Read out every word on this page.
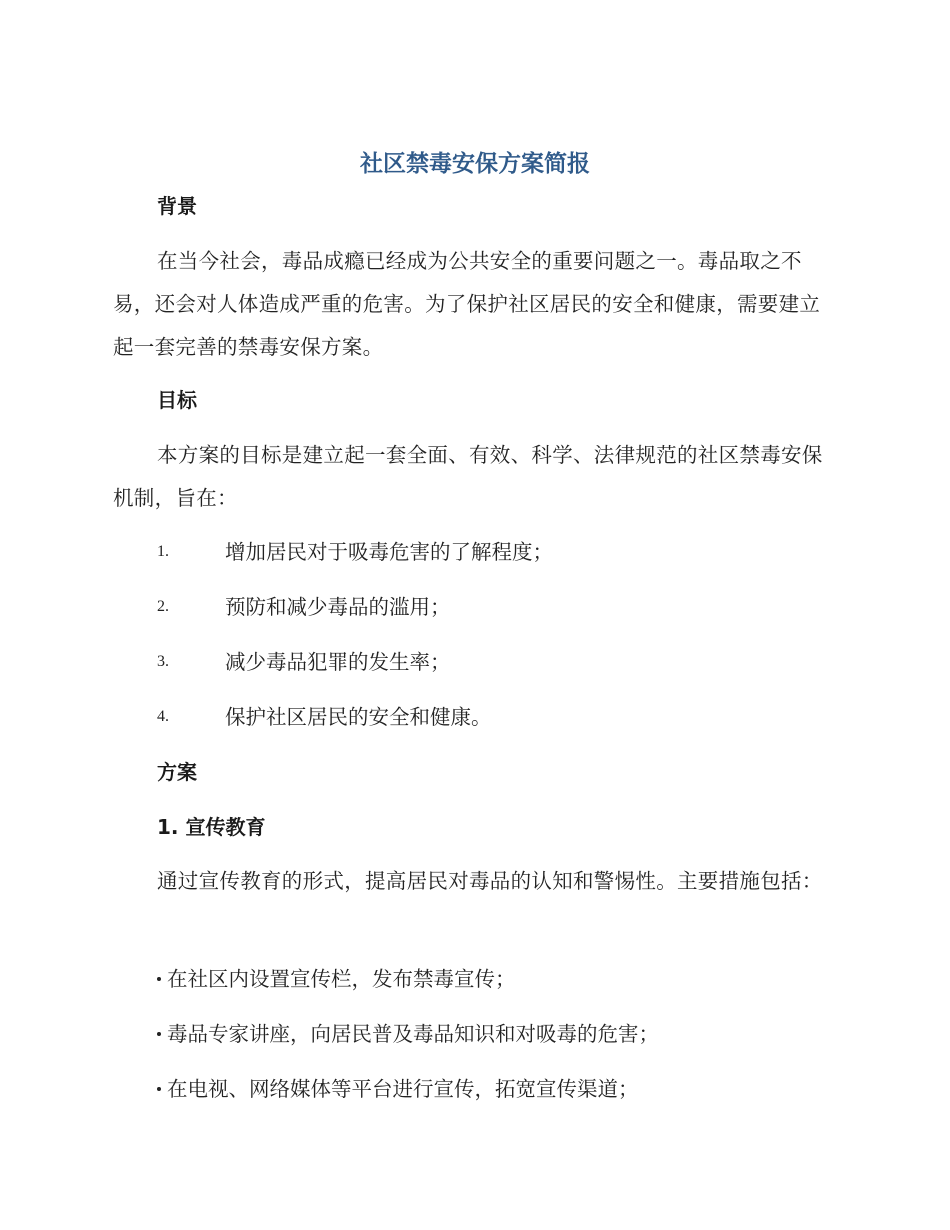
社区禁毒安保方案简报
背景
在当今社会，毒品成瘾已经成为公共安全的重要问题之一。毒品取之不易，还会对人体造成严重的危害。为了保护社区居民的安全和健康，需要建立起一套完善的禁毒安保方案。
目标
本方案的目标是建立起一套全面、有效、科学、法律规范的社区禁毒安保机制，旨在：
1.	增加居民对于吸毒危害的了解程度；
2.	预防和减少毒品的滥用；
3.	减少毒品犯罪的发生率；
4.	保护社区居民的安全和健康。
方案
1. 宣传教育
通过宣传教育的形式，提高居民对毒品的认知和警惕性。主要措施包括：
在社区内设置宣传栏，发布禁毒宣传；
毒品专家讲座，向居民普及毒品知识和对吸毒的危害；
在电视、网络媒体等平台进行宣传，拓宽宣传渠道；
